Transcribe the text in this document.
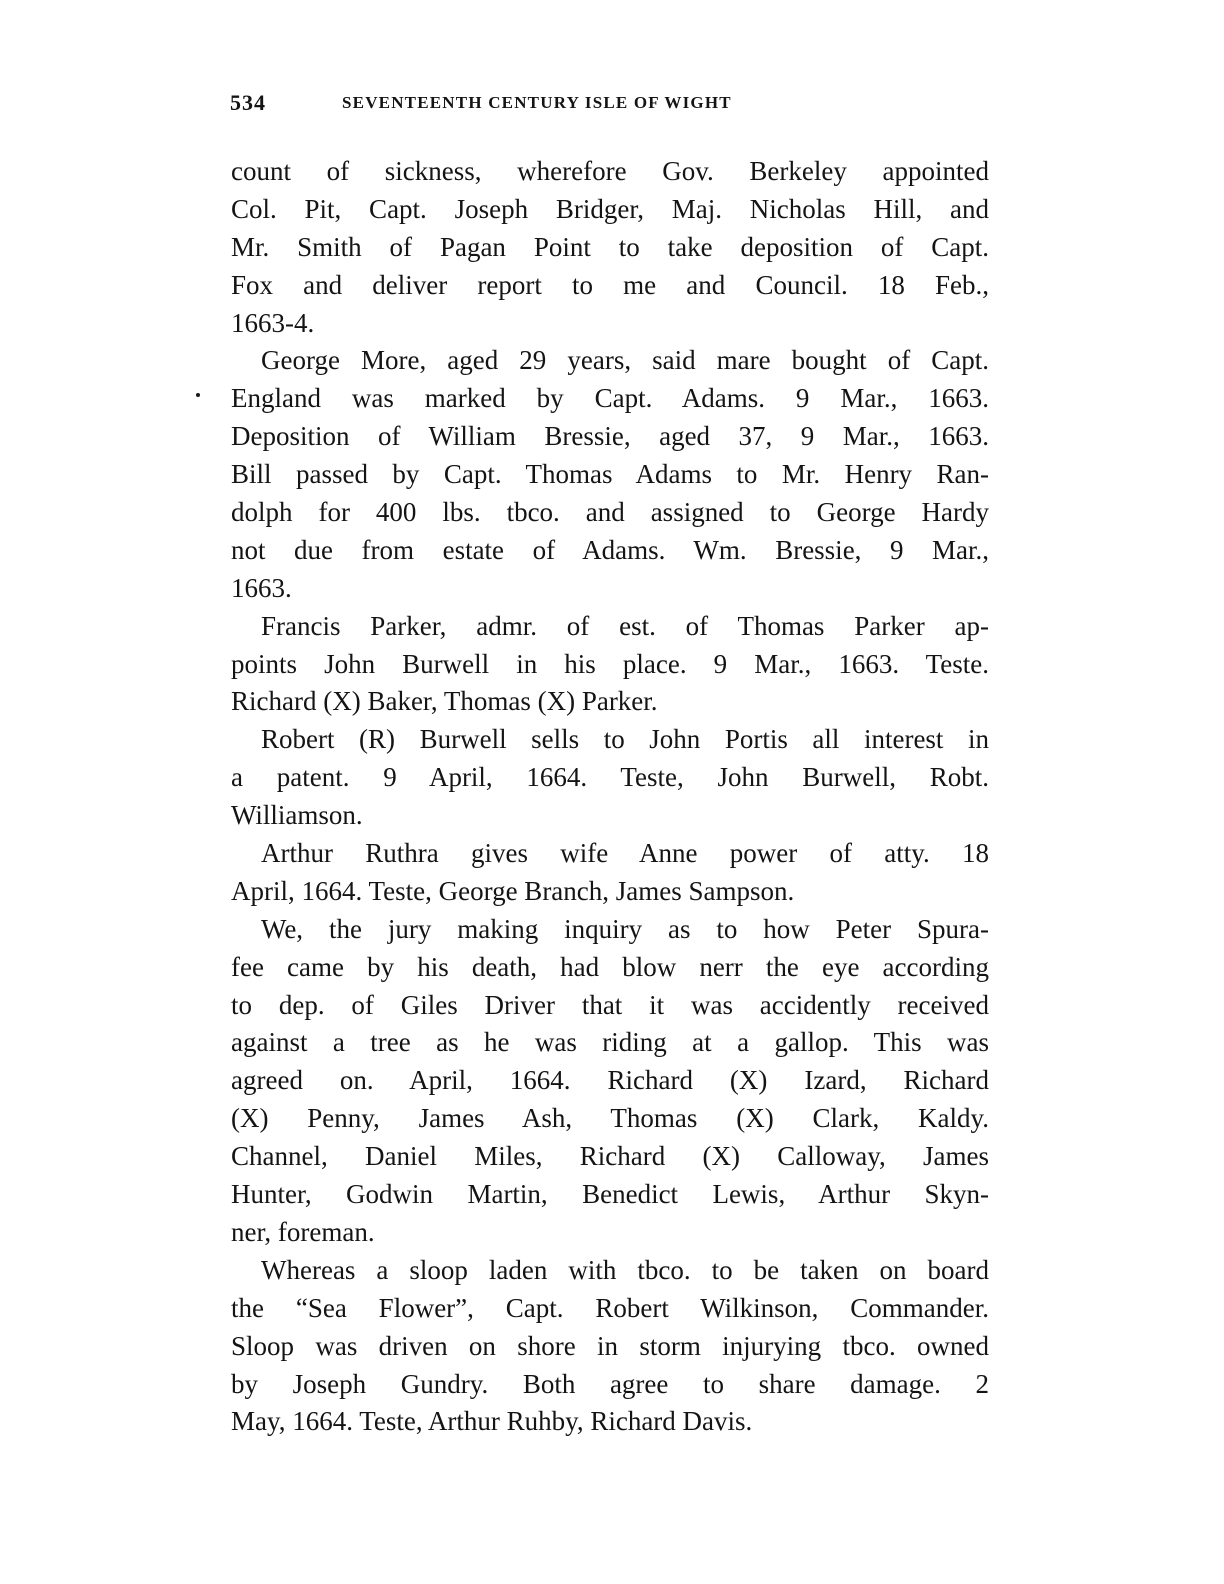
534	SEVENTEENTH CENTURY ISLE OF WIGHT
count of sickness, wherefore Gov. Berkeley appointed
Col. Pit, Capt. Joseph Bridger, Maj. Nicholas Hill, and
Mr. Smith of Pagan Point to take deposition of Capt.
Fox and deliver report to me and Council. 18 Feb.,
1663-4.
George More, aged 29 years, said mare bought of Capt.
England was marked by Capt. Adams. 9 Mar., 1663.
Deposition of William Bressie, aged 37, 9 Mar., 1663.
Bill passed by Capt. Thomas Adams to Mr. Henry Ran-
dolph for 400 lbs. tbco. and assigned to George Hardy
not due from estate of Adams. Wm. Bressie, 9 Mar.,
1663.
Francis Parker, admr. of est. of Thomas Parker ap-
points John Burwell in his place. 9 Mar., 1663. Teste.
Richard (X) Baker, Thomas (X) Parker.
Robert (R) Burwell sells to John Portis all interest in
a patent. 9 April, 1664. Teste, John Burwell, Robt.
Williamson.
Arthur Ruthra gives wife Anne power of atty. 18
April, 1664. Teste, George Branch, James Sampson.
We, the jury making inquiry as to how Peter Spura-
fee came by his death, had blow nerr the eye according
to dep. of Giles Driver that it was accidently received
against a tree as he was riding at a gallop. This was
agreed on. April, 1664. Richard (X) Izard, Richard
(X) Penny, James Ash, Thomas (X) Clark, Kaldy.
Channel, Daniel Miles, Richard (X) Calloway, James
Hunter, Godwin Martin, Benedict Lewis, Arthur Skyn-
ner, foreman.
Whereas a sloop laden with tbco. to be taken on board
the “Sea Flower”, Capt. Robert Wilkinson, Commander.
Sloop was driven on shore in storm injurying tbco. owned
by Joseph Gundry. Both agree to share damage. 2
May, 1664. Teste, Arthur Ruhby, Richard Davis.
